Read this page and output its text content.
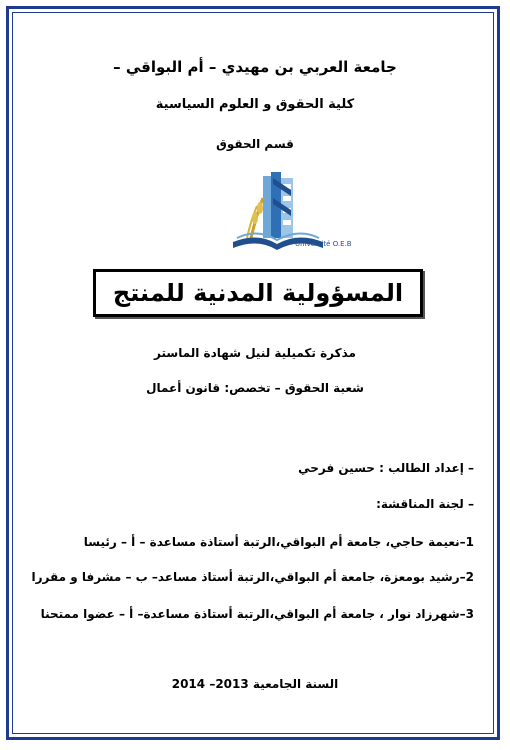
جامعة العربي بن مهيدي – أم البواقي –
كلية الحقوق و العلوم السياسية
قسم الحقوق
Université O.E.B
المسؤولية المدنية للمنتج
مذكرة تكميلية لنيل شهادة الماستر
شعبة الحقوق – تخصص: قانون أعمال
– إعداد الطالب : حسين فرحي
– لجنة المناقشة:
1–نعيمة حاجي، جامعة أم البواقي،الرتبة أستاذة مساعدة – أ – رئيسا
2–رشيد بومعزة، جامعة أم البواقي،الرتبة أستاذ مساعد– ب – مشرفا و مقررا
3–شهرزاد نوار ، جامعة أم البواقي،الرتبة أستاذة مساعدة– أ – عضوا ممتحنا
السنة الجامعية 2013– 2014
